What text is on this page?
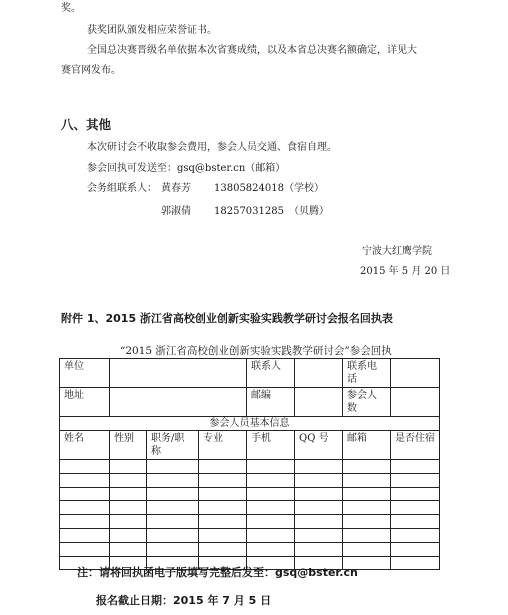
奖。
获奖团队颁发相应荣誉证书。
全国总决赛晋级名单依据本次省赛成绩，以及本省总决赛名额确定，详见大
赛官网发布。
八、其他
本次研讨会不收取参会费用，参会人员交通、食宿自理。
参会回执可发送至：gsq@bster.cn（邮箱）
会务组联系人： 黄春芳 13805824018（学校）
郭淑倩 18257031285　（贝腾）
宁波大红鹰学院
2015 年 5 月 20 日
附件 1、2015 浙江省高校创业创新实验实践教学研讨会报名回执表
“2015 浙江省高校创业创新实验实践教学研讨会”参会回执
单位				联系人		联系电话	
地址				邮编		参会人数	
参会人员基本信息							
姓名	性别	职务/职称	专业	手机	QQ 号	邮箱	是否住宿

注：请将回执函电子版填写完整后发至：gsq@bster.cn
报名截止日期：2015 年 7 月 5 日
